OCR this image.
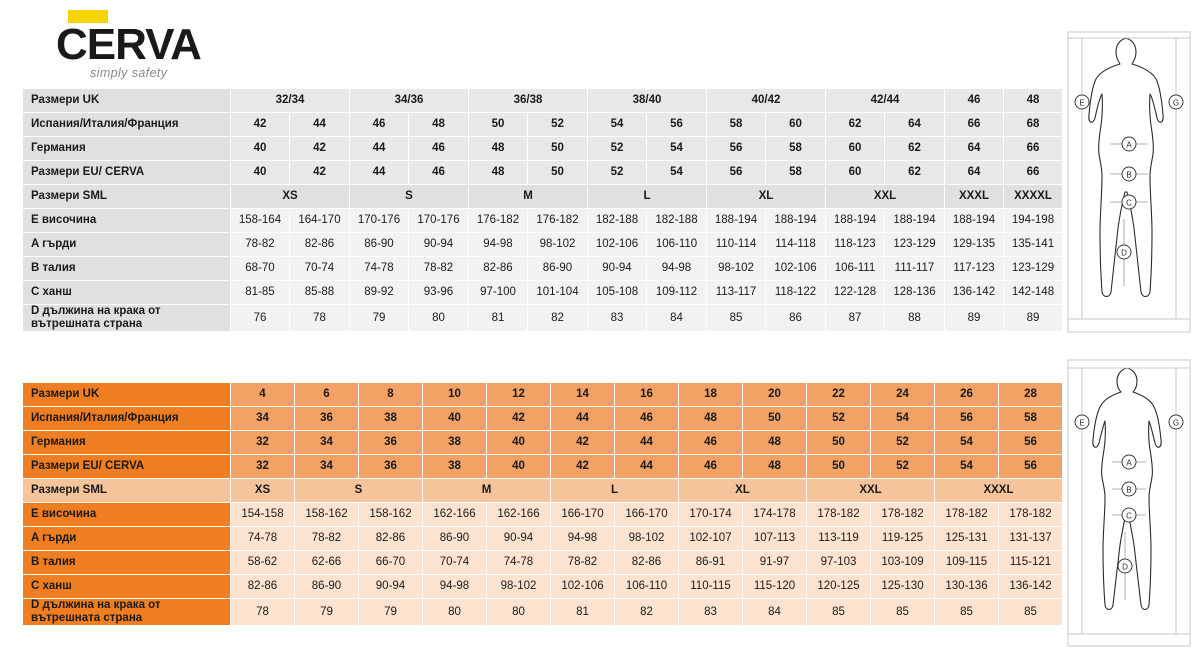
CERVA
simply safety
Размери UK	32/34		34/36		36/38		38/40		40/42		42/44		46	48
Испания/Италия/Франция	42	44	46	48	50	52	54	56	58	60	62	64	66	68
Германия	40	42	44	46	48	50	52	54	56	58	60	62	64	66
Размери EU/ CERVA	40	42	44	46	48	50	52	54	56	58	60	62	64	66
Размери SML	XS		S		M		L		XL		XXL		XXXL	XXXXL
E височина	158-164	164-170	170-176	170-176	176-182	176-182	182-188	182-188	188-194	188-194	188-194	188-194	188-194	194-198
A гърди	78-82	82-86	86-90	90-94	94-98	98-102	102-106	106-110	110-114	114-118	118-123	123-129	129-135	135-141
B талия	68-70	70-74	74-78	78-82	82-86	86-90	90-94	94-98	98-102	102-106	106-111	111-117	117-123	123-129
C ханш	81-85	85-88	89-92	93-96	97-100	101-104	105-108	109-112	113-117	118-122	122-128	128-136	136-142	142-148
D дължина на крака от вътрешната страна	76	78	79	80	81	82	83	84	85	86	87	88	89	89
Размери UK	4	6	8	10	12	14	16	18	20	22	24	26	28
Испания/Италия/Франция	34	36	38	40	42	44	46	48	50	52	54	56	58
Германия	32	34	36	38	40	42	44	46	48	50	52	54	56
Размери EU/ CERVA	32	34	36	38	40	42	44	46	48	50	52	54	56
Размери SML	XS	S		M		L		XL		XXL		XXXL	
E височина	154-158	158-162	158-162	162-166	162-166	166-170	166-170	170-174	174-178	178-182	178-182	178-182	178-182
A гърди	74-78	78-82	82-86	86-90	90-94	94-98	98-102	102-107	107-113	113-119	119-125	125-131	131-137
B талия	58-62	62-66	66-70	70-74	74-78	78-82	82-86	86-91	91-97	97-103	103-109	109-115	115-121
C ханш	82-86	86-90	90-94	94-98	98-102	102-106	106-110	110-115	115-120	120-125	125-130	130-136	136-142
D дължина на крака от вътрешната страна	78	79	79	80	80	81	82	83	84	85	85	85	85
E	G
A
B
C
D
E	G
A
B
C
D
